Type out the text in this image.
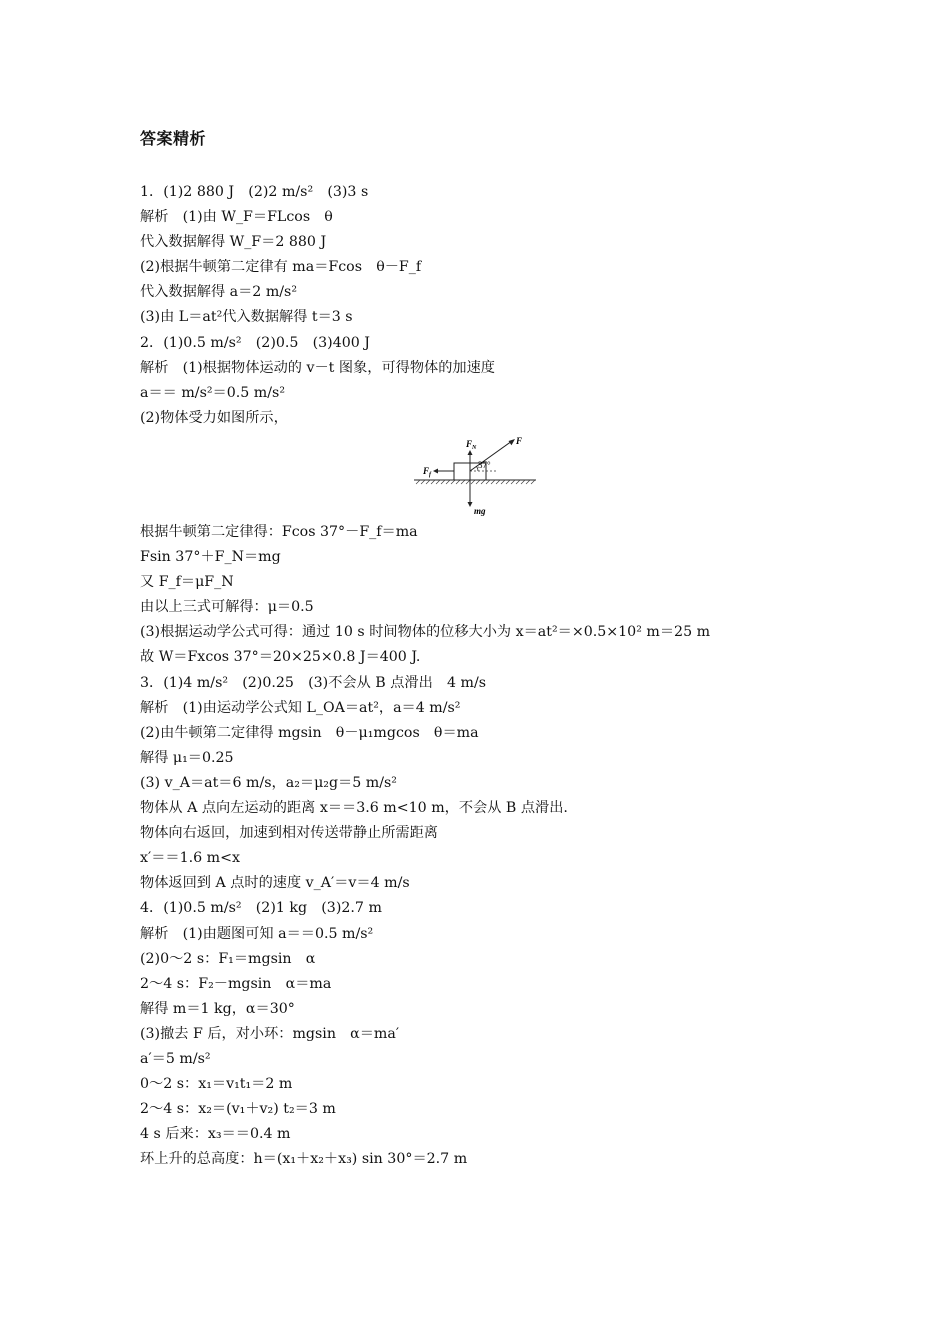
答案精析
1．(1)2 880 J　(2)2 m/s²　(3)3 s
解析　(1)由 W_F＝FLcos　θ
代入数据解得 W_F＝2 880 J
(2)根据牛顿第二定律有 ma＝Fcos　θ－F_f
代入数据解得 a＝2 m/s²
(3)由 L＝at²代入数据解得 t＝3 s
2．(1)0.5 m/s²　(2)0.5　(3)400 J
解析　(1)根据物体运动的 v－t 图象，可得物体的加速度
a＝＝ m/s²＝0.5 m/s²
(2)物体受力如图所示，
$F_N$
F
$F_f$
37°
mg
根据牛顿第二定律得：Fcos 37°－F_f＝ma
Fsin 37°＋F_N＝mg
又 F_f＝μF_N
由以上三式可解得：μ＝0.5
(3)根据运动学公式可得：通过 10 s 时间物体的位移大小为 x＝at²＝×0.5×10² m＝25 m
故 W＝Fxcos 37°＝20×25×0.8 J＝400 J.
3．(1)4 m/s²　(2)0.25　(3)不会从 B 点滑出　4 m/s
解析　(1)由运动学公式知 L_OA＝at²，a＝4 m/s²
(2)由牛顿第二定律得 mgsin　θ－μ₁mgcos　θ＝ma
解得 μ₁＝0.25
(3) v_A＝at＝6 m/s，a₂＝μ₂g＝5 m/s²
物体从 A 点向左运动的距离 x＝＝3.6 m<10 m，不会从 B 点滑出.
物体向右返回，加速到相对传送带静止所需距离
x′＝＝1.6 m<x
物体返回到 A 点时的速度 v_A′＝v＝4 m/s
4．(1)0.5 m/s²　(2)1 kg　(3)2.7 m
解析　(1)由题图可知 a＝＝0.5 m/s²
(2)0～2 s：F₁＝mgsin　α
2～4 s：F₂－mgsin　α＝ma
解得 m＝1 kg，α＝30°
(3)撤去 F 后，对小环：mgsin　α＝ma′
a′＝5 m/s²
0～2 s：x₁＝v₁t₁＝2 m
2～4 s：x₂＝(v₁＋v₂) t₂＝3 m
4 s 后来：x₃＝＝0.4 m
环上升的总高度：h＝(x₁＋x₂＋x₃) sin 30°＝2.7 m
